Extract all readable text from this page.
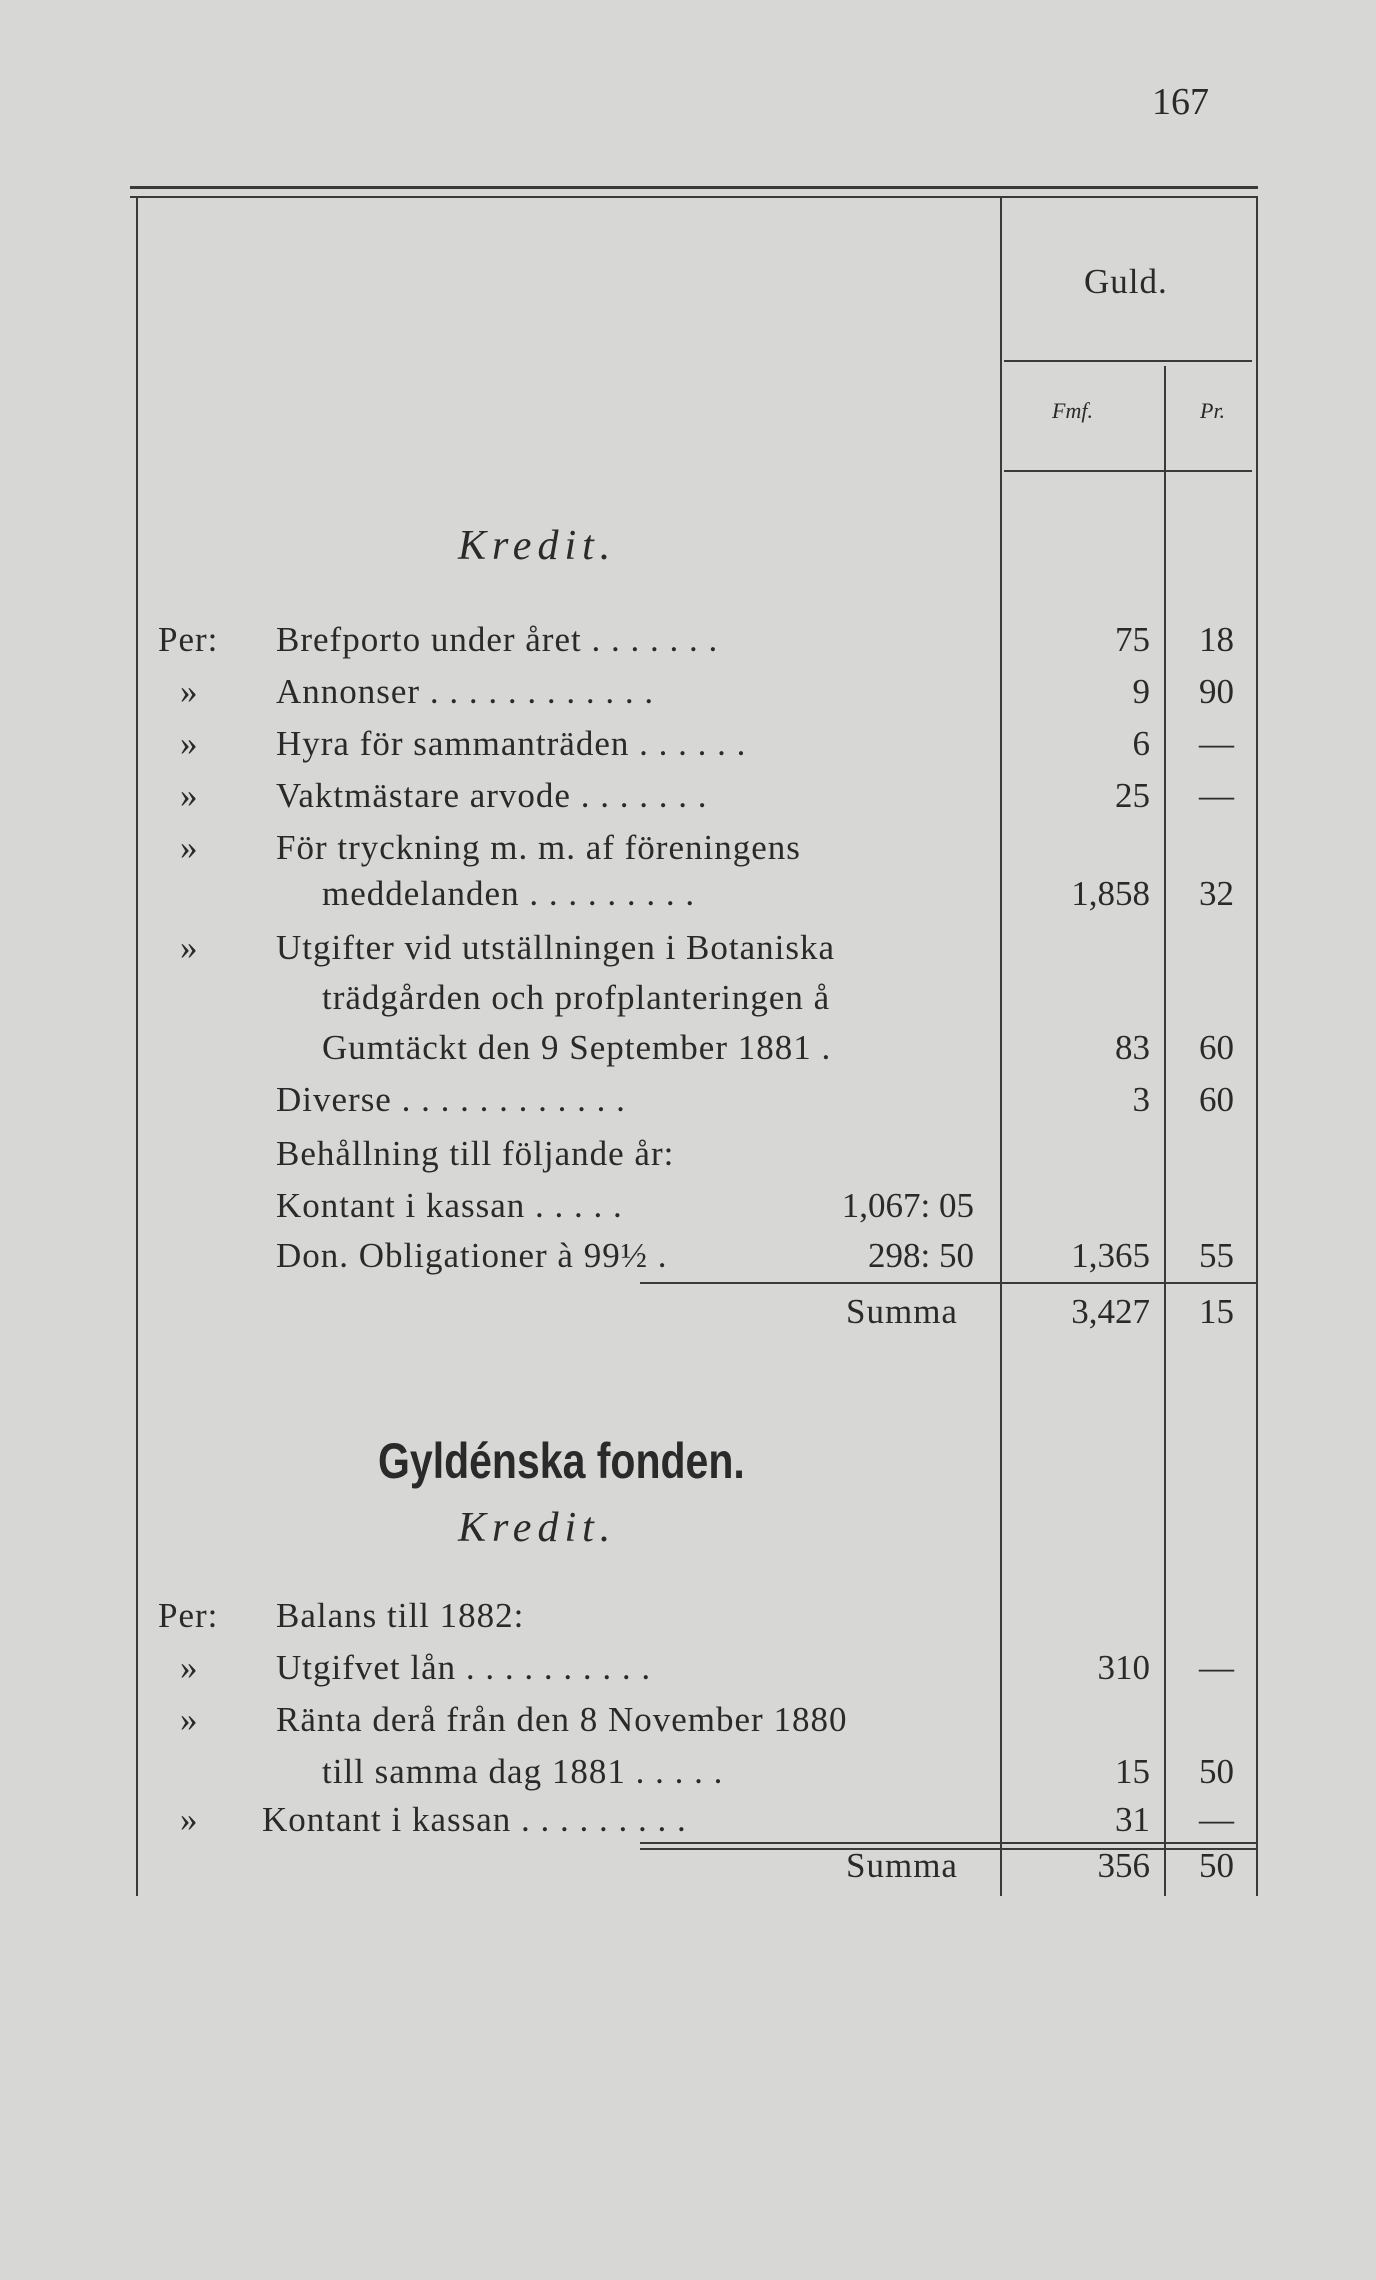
167
Guld.
Fmf.	Pr.
Kredit.
Per: Brefporto under året . . . . . . .	75	18
» Annonser . . . . . . . . . . . .	9	90
» Hyra för sammanträden . . . . . .	6	—
» Vaktmästare arvode . . . . . . .	25	—
» För tryckning m. m. af föreningens
meddelanden . . . . . . . . .	1,858	32
» Utgifter vid utställningen i Botaniska
trädgården och profplanteringen å
Gumtäckt den 9 September 1881 .	83	60
Diverse . . . . . . . . . . . .	3	60
Behållning till följande år:
Kontant i kassan . . . . .	1,067: 05
Don. Obligationer à 99½ .	298: 50	1,365	55
Summa	3,427	15
Gyldénska fonden.
Kredit.
Per: Balans till 1882:
» Utgifvet lån . . . . . . . . . .	310	—
» Ränta derå från den 8 November 1880
till samma dag 1881 . . . . .	15	50
» Kontant i kassan . . . . . . . . .	31	—
Summa	356	50
